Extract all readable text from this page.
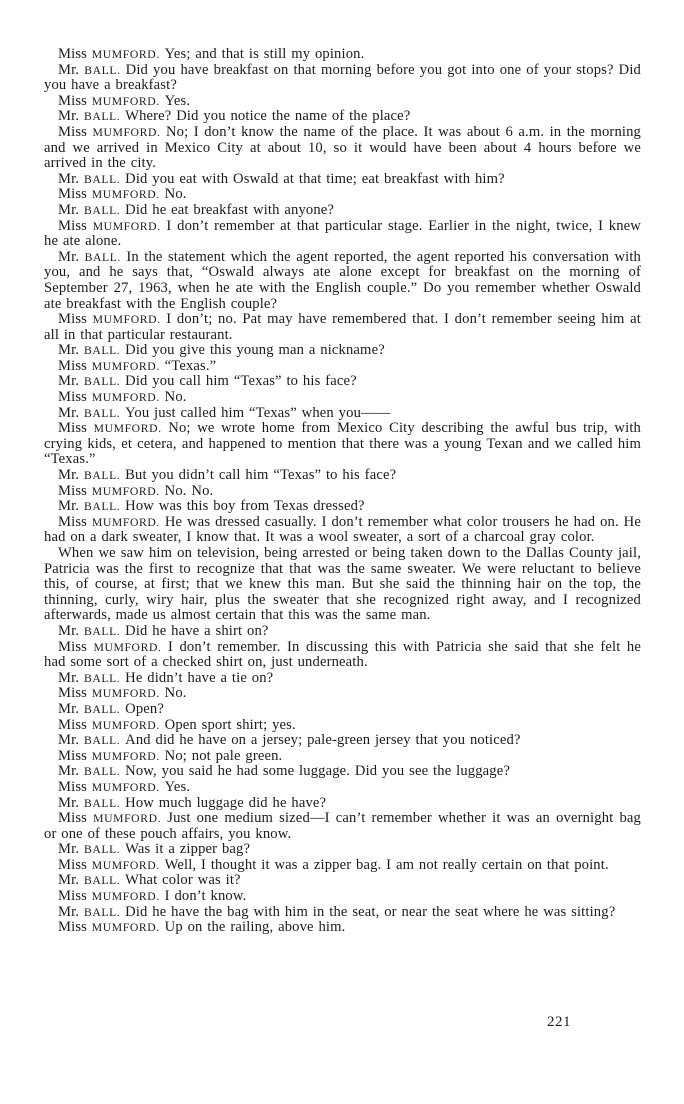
Miss MUMFORD. Yes; and that is still my opinion.

Mr. BALL. Did you have breakfast on that morning before you got into one of your stops? Did you have a breakfast?

Miss MUMFORD. Yes.

Mr. BALL. Where? Did you notice the name of the place?

Miss MUMFORD. No; I don’t know the name of the place. It was about 6 a.m. in the morning and we arrived in Mexico City at about 10, so it would have been about 4 hours before we arrived in the city.

Mr. BALL. Did you eat with Oswald at that time; eat breakfast with him?

Miss MUMFORD. No.

Mr. BALL. Did he eat breakfast with anyone?

Miss MUMFORD. I don’t remember at that particular stage. Earlier in the night, twice, I knew he ate alone.

Mr. BALL. In the statement which the agent reported, the agent reported his conversation with you, and he says that, “Oswald always ate alone except for breakfast on the morning of September 27, 1963, when he ate with the English couple.” Do you remember whether Oswald ate breakfast with the English couple?

Miss MUMFORD. I don’t; no. Pat may have remembered that. I don’t remember seeing him at all in that particular restaurant.

Mr. BALL. Did you give this young man a nickname?

Miss MUMFORD. “Texas.”

Mr. BALL. Did you call him “Texas” to his face?

Miss MUMFORD. No.

Mr. BALL. You just called him “Texas” when you——

Miss MUMFORD. No; we wrote home from Mexico City describing the awful bus trip, with crying kids, et cetera, and happened to mention that there was a young Texan and we called him “Texas.”

Mr. BALL. But you didn’t call him “Texas” to his face?

Miss MUMFORD. No. No.

Mr. BALL. How was this boy from Texas dressed?

Miss MUMFORD. He was dressed casually. I don’t remember what color trousers he had on. He had on a dark sweater, I know that. It was a wool sweater, a sort of a charcoal gray color.

When we saw him on television, being arrested or being taken down to the Dallas County jail, Patricia was the first to recognize that that was the same sweater. We were reluctant to believe this, of course, at first; that we knew this man. But she said the thinning hair on the top, the thinning, curly, wiry hair, plus the sweater that she recognized right away, and I recognized afterwards, made us almost certain that this was the same man.

Mr. BALL. Did he have a shirt on?

Miss MUMFORD. I don’t remember. In discussing this with Patricia she said that she felt he had some sort of a checked shirt on, just underneath.

Mr. BALL. He didn’t have a tie on?

Miss MUMFORD. No.

Mr. BALL. Open?

Miss MUMFORD. Open sport shirt; yes.

Mr. BALL. And did he have on a jersey; pale-green jersey that you noticed?

Miss MUMFORD. No; not pale green.

Mr. BALL. Now, you said he had some luggage. Did you see the luggage?

Miss MUMFORD. Yes.

Mr. BALL. How much luggage did he have?

Miss MUMFORD. Just one medium sized—I can’t remember whether it was an overnight bag or one of these pouch affairs, you know.

Mr. BALL. Was it a zipper bag?

Miss MUMFORD. Well, I thought it was a zipper bag. I am not really certain on that point.

Mr. BALL. What color was it?

Miss MUMFORD. I don’t know.

Mr. BALL. Did he have the bag with him in the seat, or near the seat where he was sitting?

Miss MUMFORD. Up on the railing, above him.

221
